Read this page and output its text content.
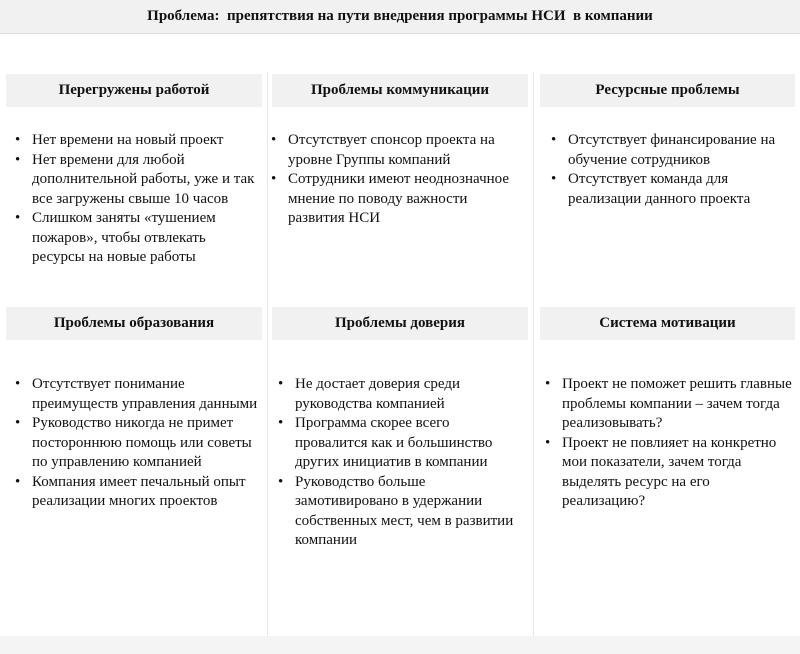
Проблема:  препятствия на пути внедрения программы НСИ  в компании
Перегружены работой
• Нет времени на новый проект
• Нет времени для любой дополнительной работы, уже и так все загружены свыше 10 часов
• Слишком заняты «тушением пожаров», чтобы отвлекать ресурсы на новые работы
Проблемы коммуникации
• Отсутствует спонсор проекта на уровне Группы компаний
• Сотрудники имеют неоднозначное мнение по поводу важности развития НСИ
Ресурсные проблемы
• Отсутствует финансирование на обучение сотрудников
• Отсутствует команда для реализации данного проекта
Проблемы образования
• Отсутствует понимание преимуществ управления данными
• Руководство никогда не примет постороннюю помощь или советы по управлению компанией
• Компания имеет печальный опыт реализации многих проектов
Проблемы доверия
• Не достает доверия среди руководства компанией
• Программа скорее всего провалится как и большинство других инициатив в компании
• Руководство больше замотивировано в удержании собственных мест, чем в развитии компании
Система мотивации
• Проект не поможет решить главные проблемы компании – зачем тогда реализовывать?
• Проект не повлияет на конкретно мои показатели, зачем тогда выделять ресурс на его реализацию?
